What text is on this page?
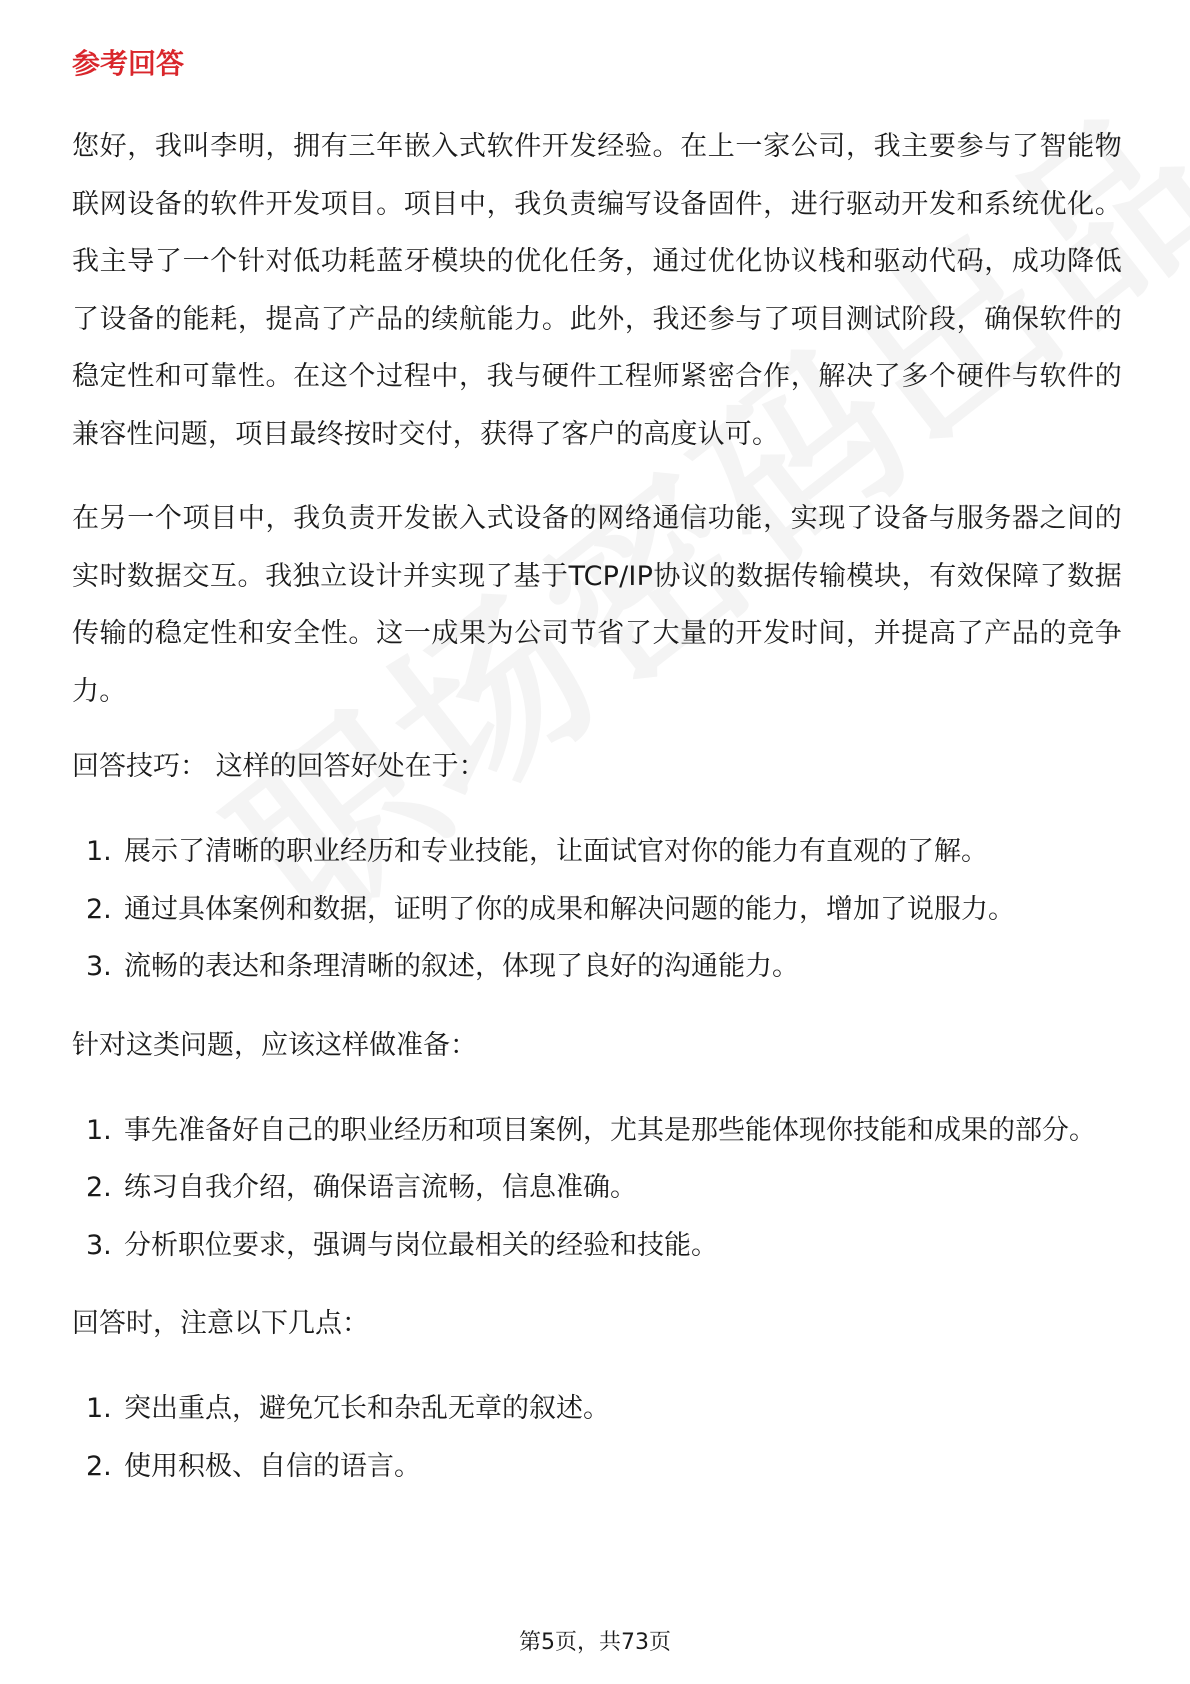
参考回答

您好，我叫李明，拥有三年嵌入式软件开发经验。在上一家公司，我主要参与了智能物联网设备的软件开发项目。项目中，我负责编写设备固件，进行驱动开发和系统优化。我主导了一个针对低功耗蓝牙模块的优化任务，通过优化协议栈和驱动代码，成功降低了设备的能耗，提高了产品的续航能力。此外，我还参与了项目测试阶段，确保软件的稳定性和可靠性。在这个过程中，我与硬件工程师紧密合作，解决了多个硬件与软件的兼容性问题，项目最终按时交付，获得了客户的高度认可。

在另一个项目中，我负责开发嵌入式设备的网络通信功能，实现了设备与服务器之间的实时数据交互。我独立设计并实现了基于TCP/IP协议的数据传输模块，有效保障了数据传输的稳定性和安全性。这一成果为公司节省了大量的开发时间，并提高了产品的竞争力。

回答技巧： 这样的回答好处在于：
1. 展示了清晰的职业经历和专业技能，让面试官对你的能力有直观的了解。
2. 通过具体案例和数据，证明了你的成果和解决问题的能力，增加了说服力。
3. 流畅的表达和条理清晰的叙述，体现了良好的沟通能力。
针对这类问题，应该这样做准备：
1. 事先准备好自己的职业经历和项目案例，尤其是那些能体现你技能和成果的部分。
2. 练习自我介绍，确保语言流畅，信息准确。
3. 分析职位要求，强调与岗位最相关的经验和技能。
回答时，注意以下几点：
1. 突出重点，避免冗长和杂乱无章的叙述。
2. 使用积极、自信的语言。
第5页，共73页
